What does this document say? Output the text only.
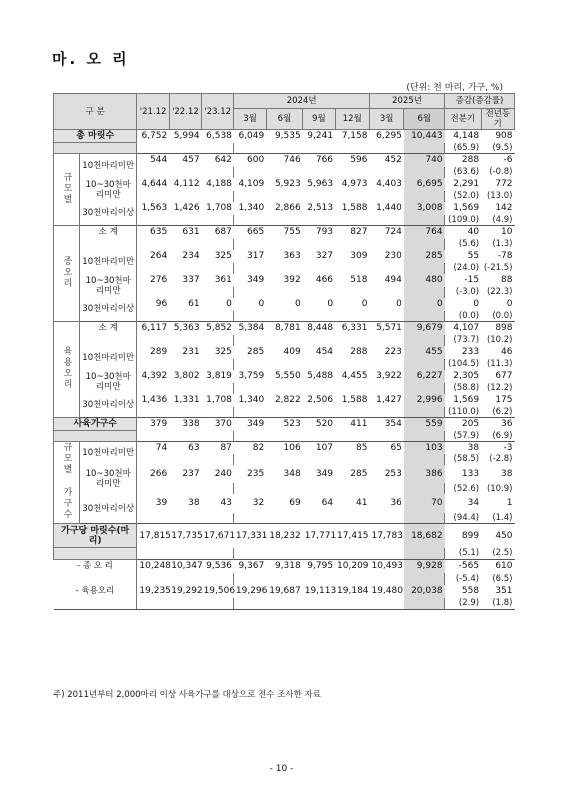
마. 오 리
(단위: 천 마리, 가구, %)
구 분		'21.12	'22.12	'23.12	2024년				2025년		증감(증감률)	
					3월	6월	9월	12월	3월	6월	전분기	전년동기
총 마릿수		6,752	5,994	6,538	6,049	9,535	9,241	7,158	6,295	10,443	4,148	908
											(65.9)	(9.5)
규모별	10천마리미만	544	457	642	600	746	766	596	452	740	288	-6
											(63.6)	(-0.8)
	10~30천마리미만	4,644	4,112	4,188	4,109	5,923	5,963	4,973	4,403	6,695	2,291	772
											(52.0)	(13.0)
	30천마리이상	1,563	1,426	1,708	1,340	2,866	2,513	1,588	1,440	3,008	1,569	142
											(109.0)	(4.9)
종오리	소 계	635	631	687	665	755	793	827	724	764	40	10
											(5.6)	(1.3)
	10천마리미만	264	234	325	317	363	327	309	230	285	55	-78
											(24.0)	(-21.5)
	10~30천마리미만	276	337	361	349	392	466	518	494	480	-15	88
											(-3.0)	(22.3)
	30천마리이상	96	61	0	0	0	0	0	0	0	0	0
											(0.0)	(0.0)
육용오리	소 계	6,117	5,363	5,852	5,384	8,781	8,448	6,331	5,571	9,679	4,107	898
											(73.7)	(10.2)
	10천마리미만	289	231	325	285	409	454	288	223	455	233	46
											(104.5)	(11.3)
	10~30천마리미만	4,392	3,802	3,819	3,759	5,550	5,488	4,455	3,922	6,227	2,305	677
											(58.8)	(12.2)
	30천마리이상	1,436	1,331	1,708	1,340	2,822	2,506	1,588	1,427	2,996	1,569	175
											(110.0)	(6.2)
사육가구수		379	338	370	349	523	520	411	354	559	205	36
											(57.9)	(6.9)
규모별 가구수	10천마리미만	74	63	87	82	106	107	85	65	103	38	-3
											(58.5)	(-2.8)
	10~30천마리미만	266	237	240	235	348	349	285	253	386	133	38
											(52.6)	(10.9)
	30천마리이상	39	38	43	32	69	64	41	36	70	34	1
											(94.4)	(1.4)
가구당 마릿수(마리)		17,815	17,735	17,671	17,331	18,232	17,771	17,415	17,783	18,682	899	450
											(5.1)	(2.5)
- 종 오 리		10,248	10,347	9,536	9,367	9,318	9,795	10,209	10,493	9,928	-565	610
											(-5.4)	(6.5)
- 육용오리		19,235	19,292	19,506	19,296	19,687	19,113	19,184	19,480	20,038	558	351
											(2.9)	(1.8)
주) 2011년부터 2,000마리 이상 사육가구를 대상으로 전수 조사한 자료
- 10 -
